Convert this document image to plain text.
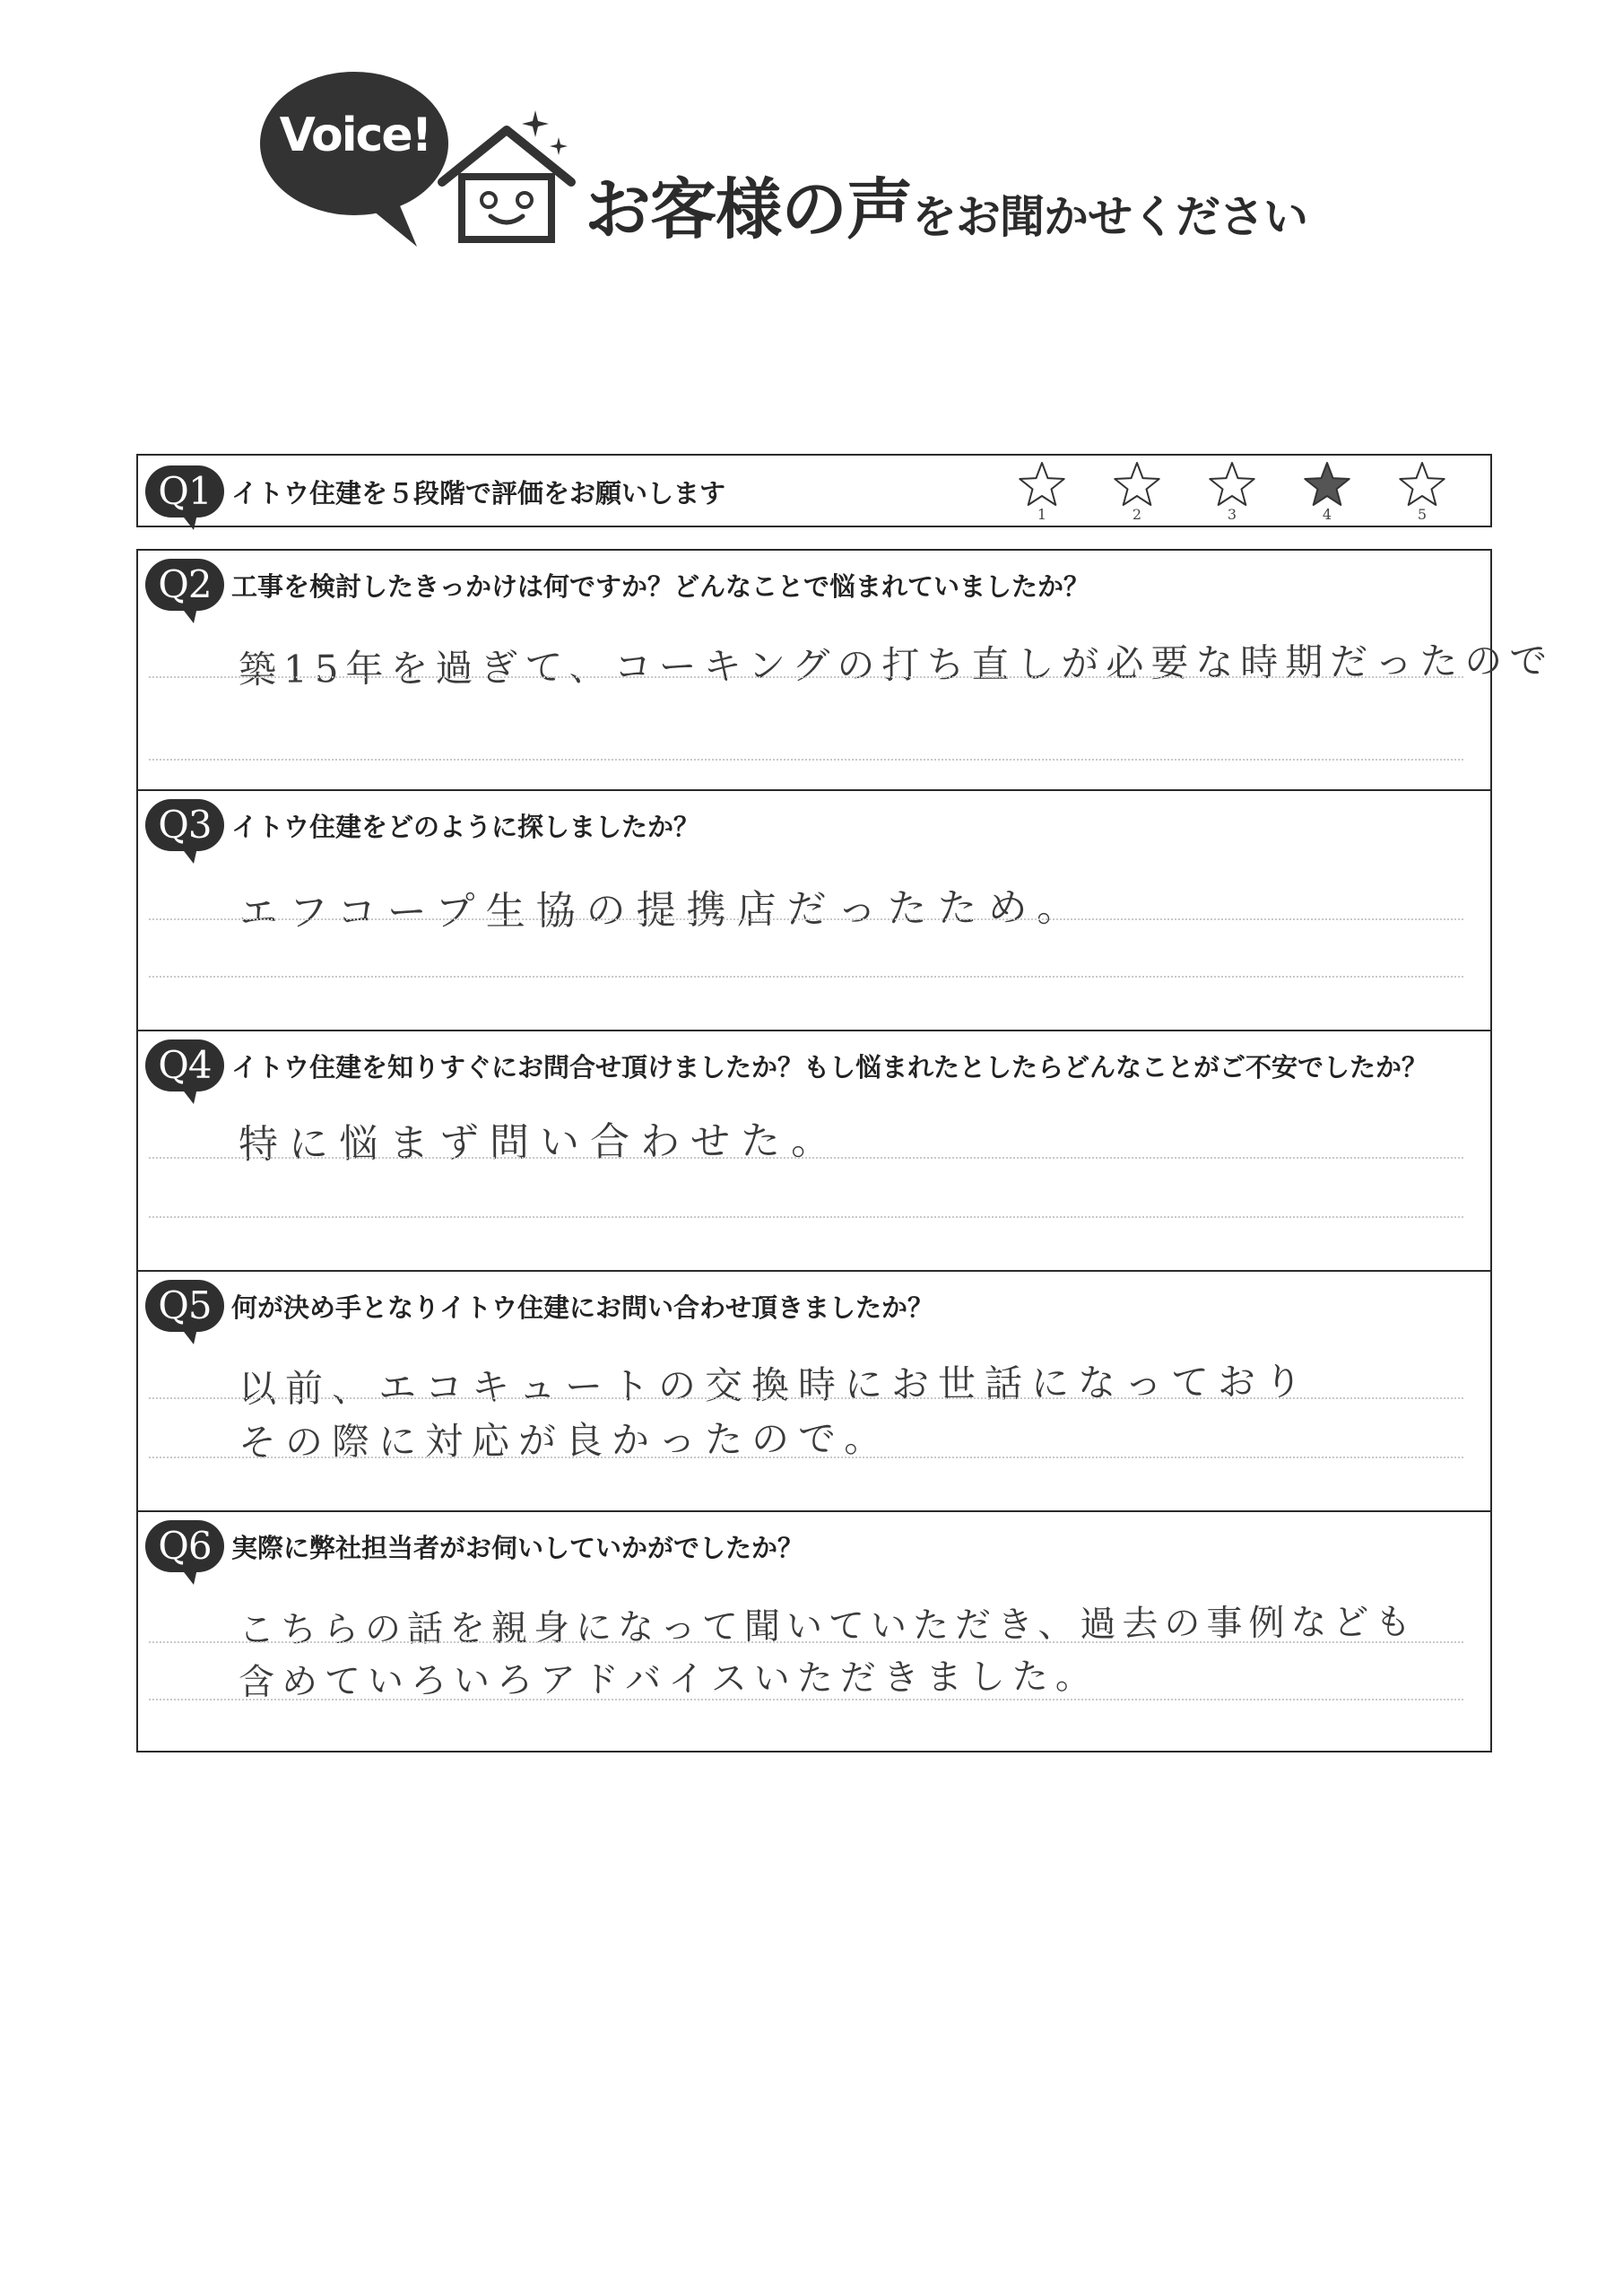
Voice!
お客様の声をお聞かせください
Q1 イトウ住建を５段階で評価をお願いします
1	2	3	4	5
Q2 工事を検討したきっかけは何ですか？どんなことで悩まれていましたか？
築15年を過ぎて、コーキングの打ち直しが必要な時期だったので
Q3 イトウ住建をどのように探しましたか？
エフコープ生協の提携店だったため。
Q4 イトウ住建を知りすぐにお問合せ頂けましたか？もし悩まれたとしたらどんなことがご不安でしたか？
特に悩まず問い合わせた。
Q5 何が決め手となりイトウ住建にお問い合わせ頂きましたか？
以前、エコキュートの交換時にお世話になっており
その際に対応が良かったので。
Q6 実際に弊社担当者がお伺いしていかがでしたか？
こちらの話を親身になって聞いていただき、過去の事例なども
含めていろいろアドバイスいただきました。
